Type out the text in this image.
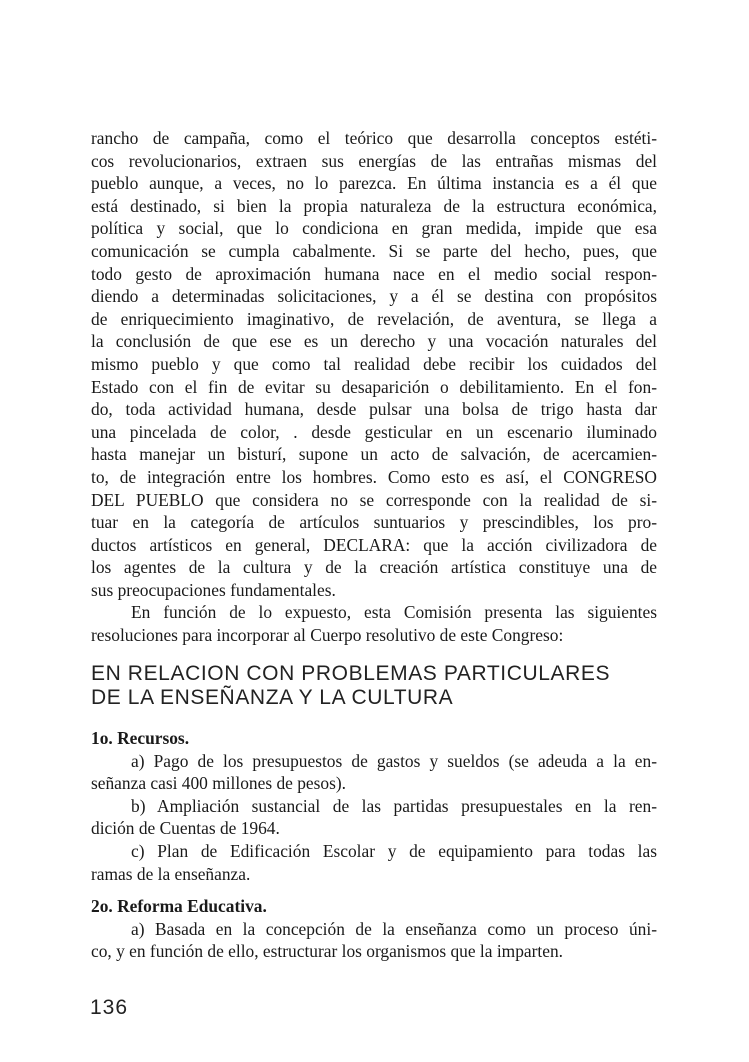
rancho de campaña, como el teórico que desarrolla conceptos estéti-
cos revolucionarios, extraen sus energías de las entrañas mismas del
pueblo aunque, a veces, no lo parezca. En última instancia es a él que
está destinado, si bien la propia naturaleza de la estructura económica,
política y social, que lo condiciona en gran medida, impide que esa
comunicación se cumpla cabalmente. Si se parte del hecho, pues, que
todo gesto de aproximación humana nace en el medio social respon-
diendo a determinadas solicitaciones, y a él se destina con propósitos
de enriquecimiento imaginativo, de revelación, de aventura, se llega a
la conclusión de que ese es un derecho y una vocación naturales del
mismo pueblo y que como tal realidad debe recibir los cuidados del
Estado con el fin de evitar su desaparición o debilitamiento. En el fon-
do, toda actividad humana, desde pulsar una bolsa de trigo hasta dar
una pincelada de color, . desde gesticular en un escenario iluminado
hasta manejar un bisturí, supone un acto de salvación, de acercamien-
to, de integración entre los hombres. Como esto es así, el CONGRESO
DEL PUEBLO que considera no se corresponde con la realidad de si-
tuar en la categoría de artículos suntuarios y prescindibles, los pro-
ductos artísticos en general, DECLARA: que la acción civilizadora de
los agentes de la cultura y de la creación artística constituye una de
sus preocupaciones fundamentales.
En función de lo expuesto, esta Comisión presenta las siguientes
resoluciones para incorporar al Cuerpo resolutivo de este Congreso:
EN RELACION CON PROBLEMAS PARTICULARES
DE LA ENSEÑANZA Y LA CULTURA
1o. Recursos.
a) Pago de los presupuestos de gastos y sueldos (se adeuda a la en-
señanza casi 400 millones de pesos).
b) Ampliación sustancial de las partidas presupuestales en la ren-
dición de Cuentas de 1964.
c) Plan de Edificación Escolar y de equipamiento para todas las
ramas de la enseñanza.
2o. Reforma Educativa.
a) Basada en la concepción de la enseñanza como un proceso úni-
co, y en función de ello, estructurar los organismos que la imparten.
136
